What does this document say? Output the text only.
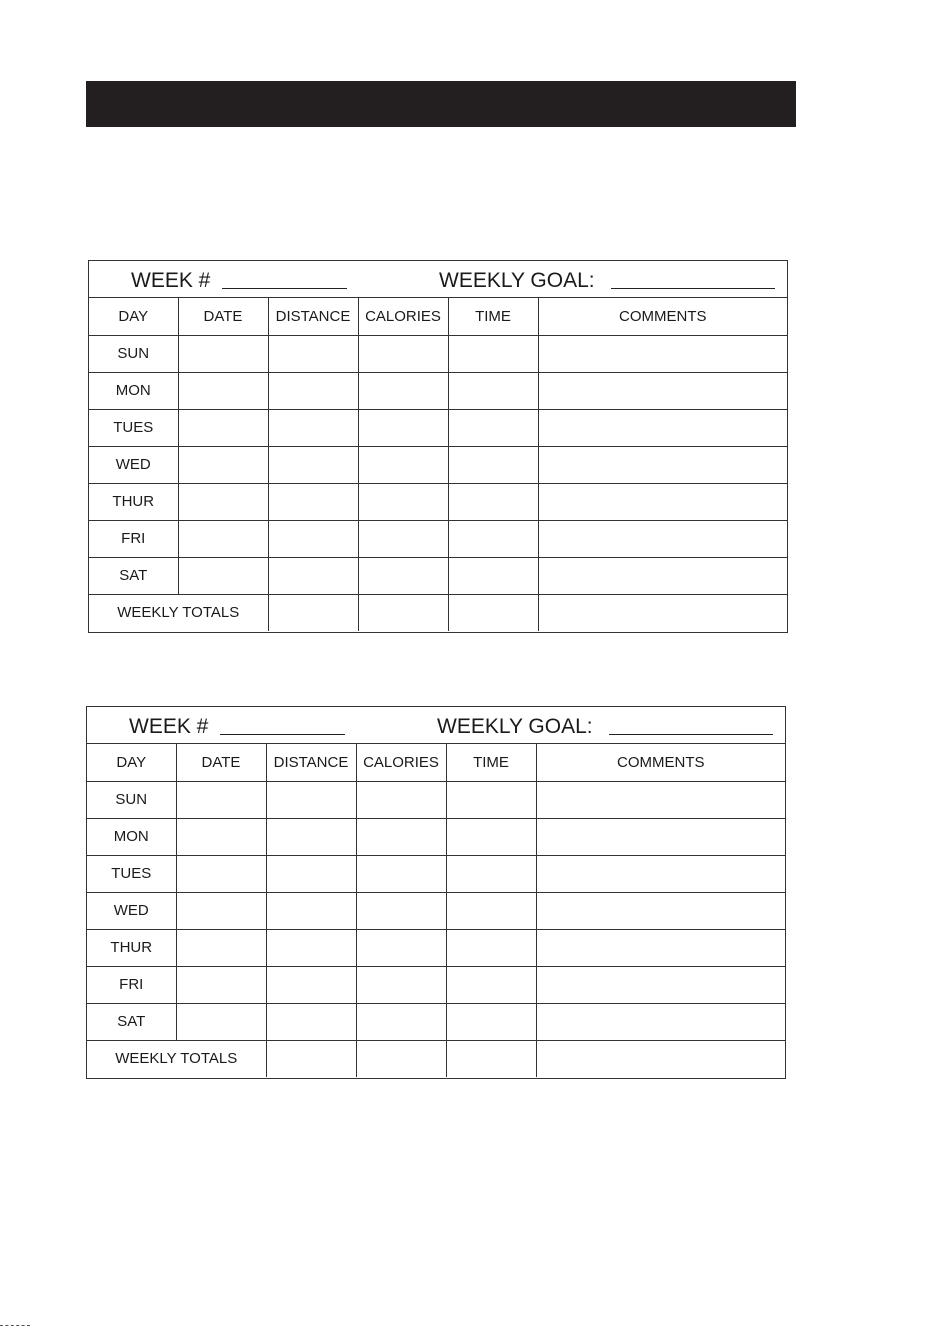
WEEK #	WEEKLY GOAL:
DAY	DATE	DISTANCE	CALORIES	TIME	COMMENTS
SUN					
MON					
TUES					
WED					
THUR					
FRI					
SAT					
WEEKLY TOTALS					
WEEK #	WEEKLY GOAL:
DAY	DATE	DISTANCE	CALORIES	TIME	COMMENTS
SUN					
MON					
TUES					
WED					
THUR					
FRI					
SAT					
WEEKLY TOTALS					
